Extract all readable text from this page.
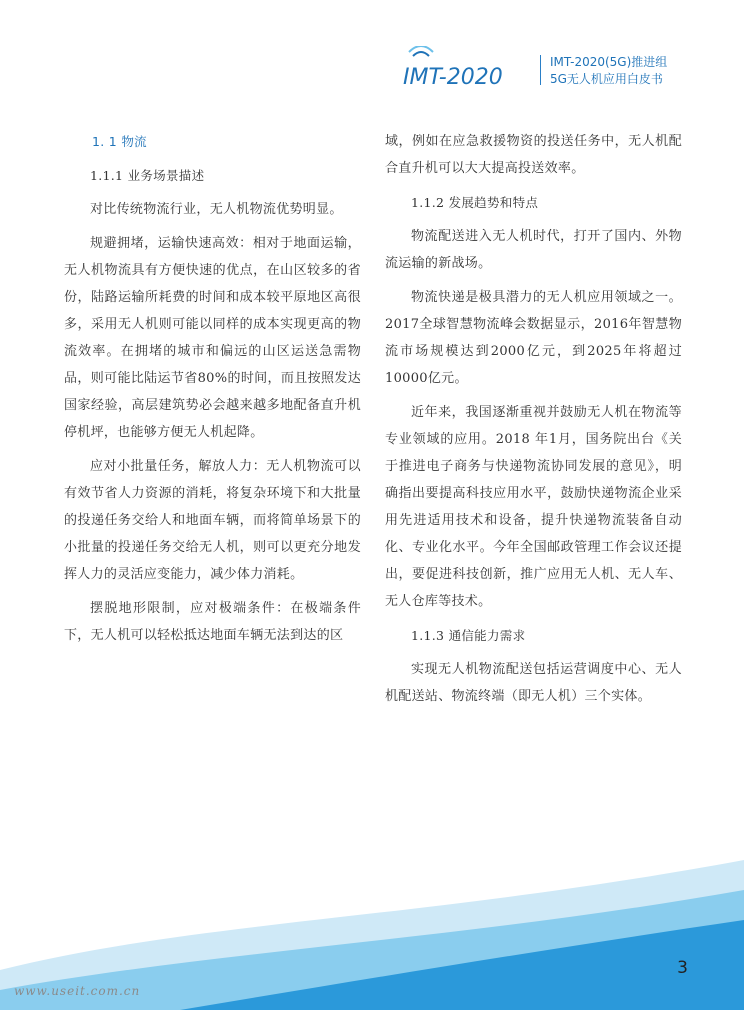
IMT-2020
IMT-2020(5G)推进组
5G无人机应用白皮书

1. 1 物流

1.1.1 业务场景描述

对比传统物流行业，无人机物流优势明显。

规避拥堵，运输快速高效：相对于地面运输，无人机物流具有方便快速的优点，在山区较多的省份，陆路运输所耗费的时间和成本较平原地区高很多，采用无人机则可能以同样的成本实现更高的物流效率。在拥堵的城市和偏远的山区运送急需物品，则可能比陆运节省80%的时间，而且按照发达国家经验，高层建筑势必会越来越多地配备直升机停机坪，也能够方便无人机起降。

应对小批量任务，解放人力：无人机物流可以有效节省人力资源的消耗，将复杂环境下和大批量的投递任务交给人和地面车辆，而将简单场景下的小批量的投递任务交给无人机，则可以更充分地发挥人力的灵活应变能力，减少体力消耗。

摆脱地形限制，应对极端条件：在极端条件下，无人机可以轻松抵达地面车辆无法到达的区

域，例如在应急救援物资的投送任务中，无人机配合直升机可以大大提高投送效率。

1.1.2 发展趋势和特点

物流配送进入无人机时代，打开了国内、外物流运输的新战场。

物流快递是极具潜力的无人机应用领域之一。2017全球智慧物流峰会数据显示，2016年智慧物流市场规模达到2000亿元，到2025年将超过10000亿元。

近年来，我国逐渐重视并鼓励无人机在物流等专业领域的应用。2018 年1月，国务院出台《关于推进电子商务与快递物流协同发展的意见》，明确指出要提高科技应用水平，鼓励快递物流企业采用先进适用技术和设备，提升快递物流装备自动化、专业化水平。今年全国邮政管理工作会议还提出，要促进科技创新，推广应用无人机、无人车、无人仓库等技术。

1.1.3 通信能力需求

实现无人机物流配送包括运营调度中心、无人机配送站、物流终端（即无人机）三个实体。

3
www.useit.com.cn
